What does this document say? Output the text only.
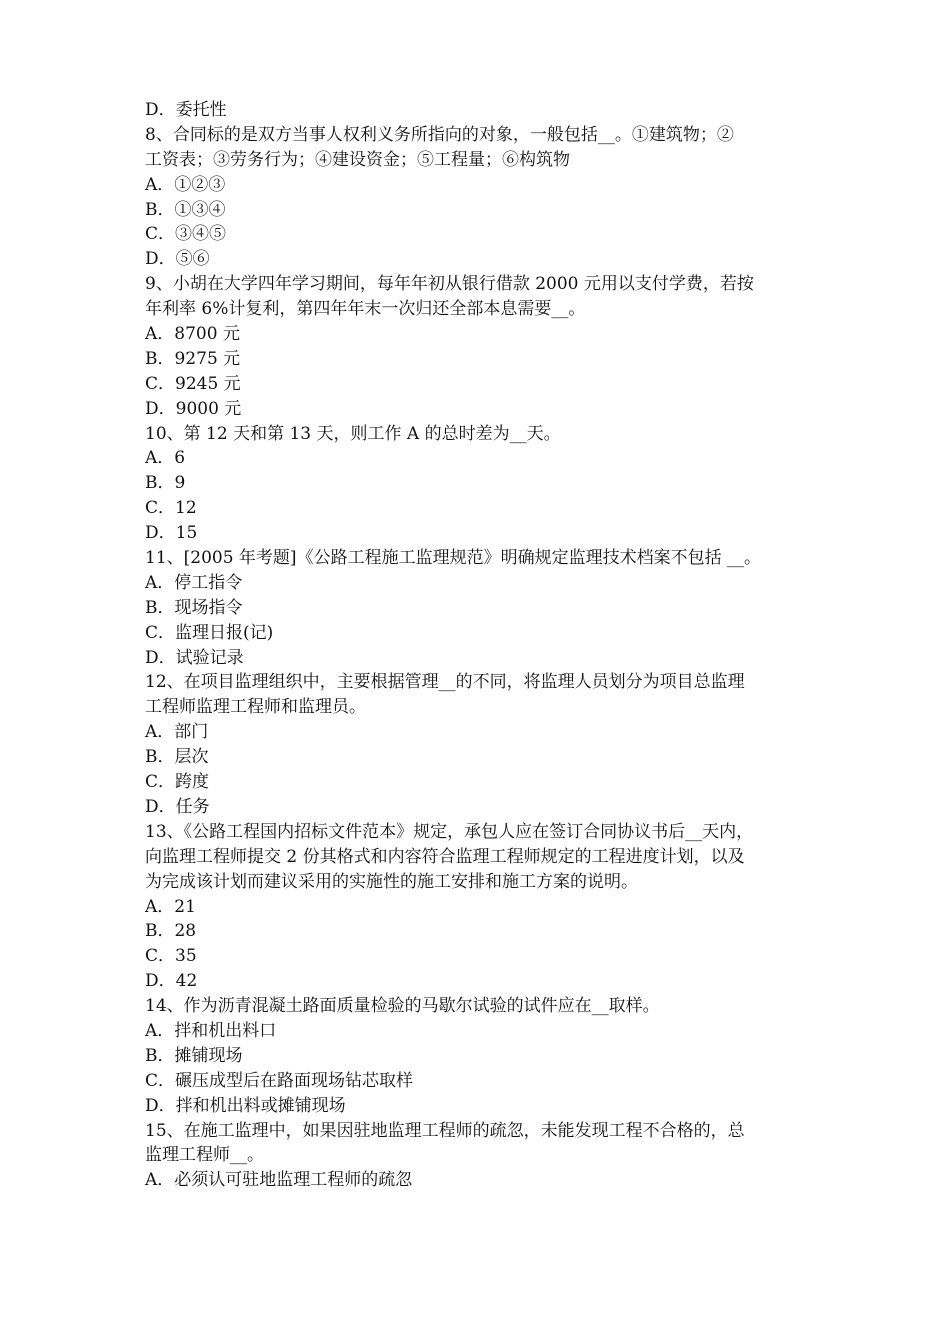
D．委托性
8、合同标的是双方当事人权利义务所指向的对象，一般包括__。①建筑物；②
工资表；③劳务行为；④建设资金；⑤工程量；⑥构筑物
A．①②③
B．①③④
C．③④⑤
D．⑤⑥
9、小胡在大学四年学习期间，每年年初从银行借款 2000 元用以支付学费，若按
年利率 6%计复利，第四年年末一次归还全部本息需要__。
A．8700 元
B．9275 元
C．9245 元
D．9000 元
10、第 12 天和第 13 天，则工作 A 的总时差为__天。
A．6
B．9
C．12
D．15
11、[2005 年考题]《公路工程施工监理规范》明确规定监理技术档案不包括 __。
A．停工指令
B．现场指令
C．监理日报(记)
D．试验记录
12、在项目监理组织中，主要根据管理__的不同，将监理人员划分为项目总监理
工程师监理工程师和监理员。
A．部门
B．层次
C．跨度
D．任务
13、《公路工程国内招标文件范本》规定，承包人应在签订合同协议书后__天内，
向监理工程师提交 2 份其格式和内容符合监理工程师规定的工程进度计划，以及
为完成该计划而建议采用的实施性的施工安排和施工方案的说明。
A．21
B．28
C．35
D．42
14、作为沥青混凝土路面质量检验的马歇尔试验的试件应在__取样。
A．拌和机出料口
B．摊铺现场
C．碾压成型后在路面现场钻芯取样
D．拌和机出料或摊铺现场
15、在施工监理中，如果因驻地监理工程师的疏忽，未能发现工程不合格的，总
监理工程师__。
A．必须认可驻地监理工程师的疏忽
